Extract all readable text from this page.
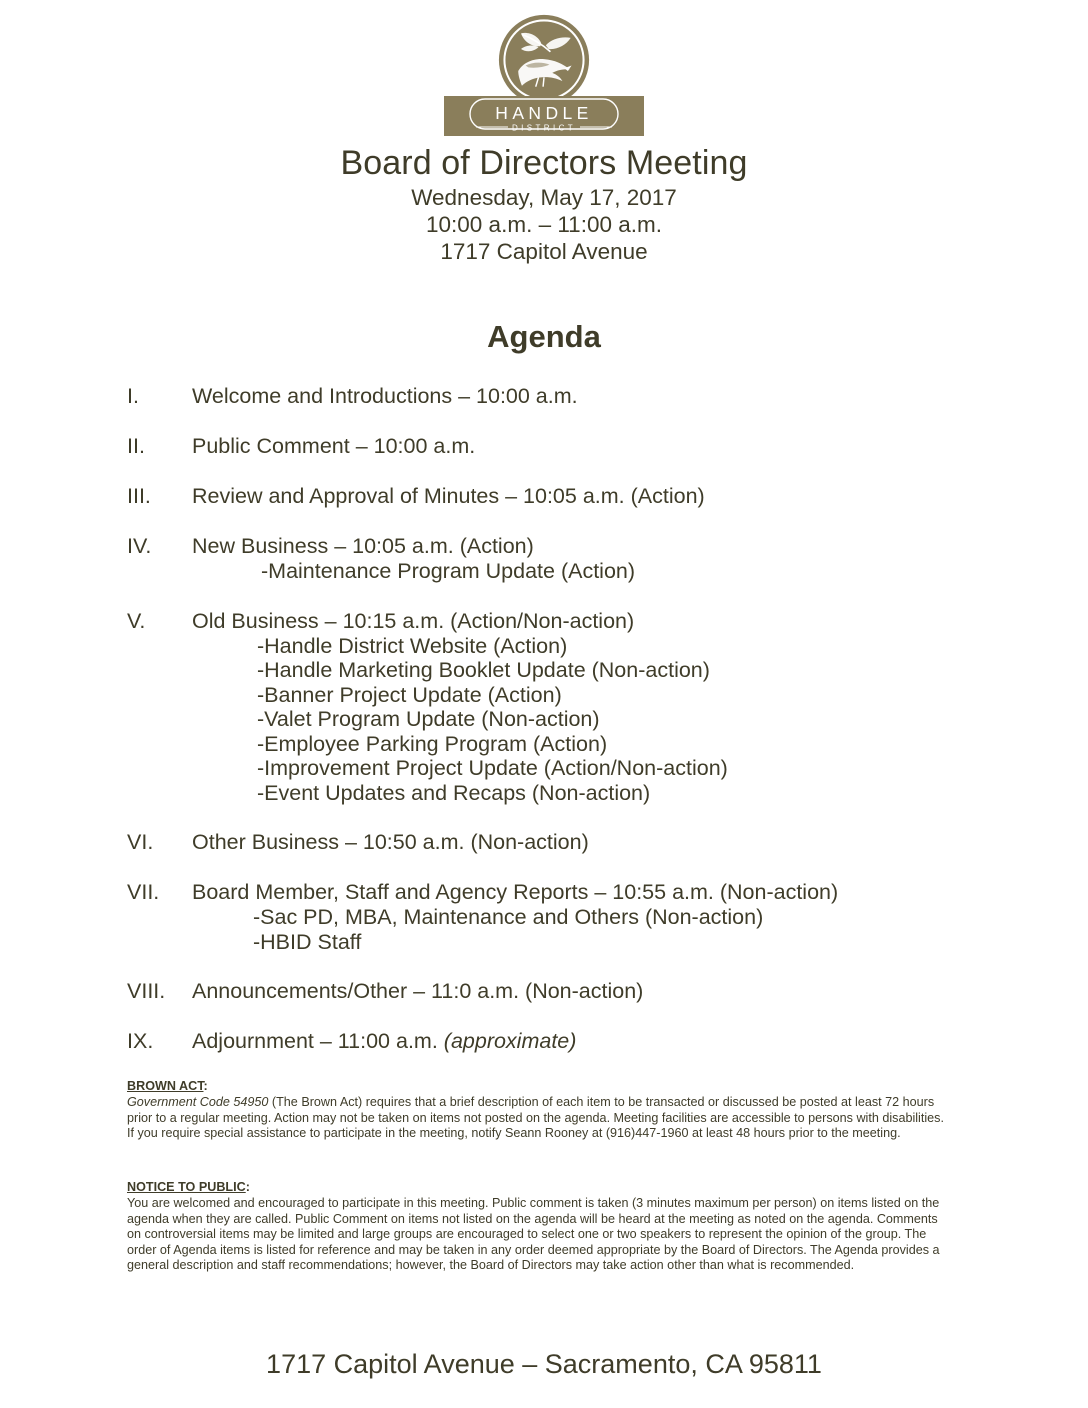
HANDLE
DISTRICT
Board of Directors Meeting
Wednesday, May 17, 2017
10:00 a.m. – 11:00 a.m.
1717 Capitol Avenue
Agenda
I.	Welcome and Introductions – 10:00 a.m.
II.	Public Comment – 10:00 a.m.
III.	Review and Approval of Minutes – 10:05 a.m. (Action)
IV.	New Business – 10:05 a.m. (Action)
-Maintenance Program Update (Action)
V.	Old Business – 10:15 a.m. (Action/Non-action)
-Handle District Website (Action)
-Handle Marketing Booklet Update (Non-action)
-Banner Project Update (Action)
-Valet Program Update (Non-action)
-Employee Parking Program (Action)
-Improvement Project Update (Action/Non-action)
-Event Updates and Recaps (Non-action)
VI.	Other Business – 10:50 a.m. (Non-action)
VII.	Board Member, Staff and Agency Reports – 10:55 a.m. (Non-action)
-Sac PD, MBA, Maintenance and Others (Non-action)
-HBID Staff
VIII.	Announcements/Other – 11:0 a.m. (Non-action)
IX.	Adjournment – 11:00 a.m. (approximate)

BROWN ACT:

Government Code 54950 (The Brown Act) requires that a brief description of each item to be transacted or discussed be posted at least 72 hours prior to a regular meeting. Action may not be taken on items not posted on the agenda. Meeting facilities are accessible to persons with disabilities. If you require special assistance to participate in the meeting, notify Seann Rooney at (916)447-1960 at least 48 hours prior to the meeting.

NOTICE TO PUBLIC:

You are welcomed and encouraged to participate in this meeting. Public comment is taken (3 minutes maximum per person) on items listed on the agenda when they are called. Public Comment on items not listed on the agenda will be heard at the meeting as noted on the agenda. Comments on controversial items may be limited and large groups are encouraged to select one or two speakers to represent the opinion of the group. The order of Agenda items is listed for reference and may be taken in any order deemed appropriate by the Board of Directors. The Agenda provides a general description and staff recommendations; however, the Board of Directors may take action other than what is recommended.

1717 Capitol Avenue – Sacramento, CA 95811
